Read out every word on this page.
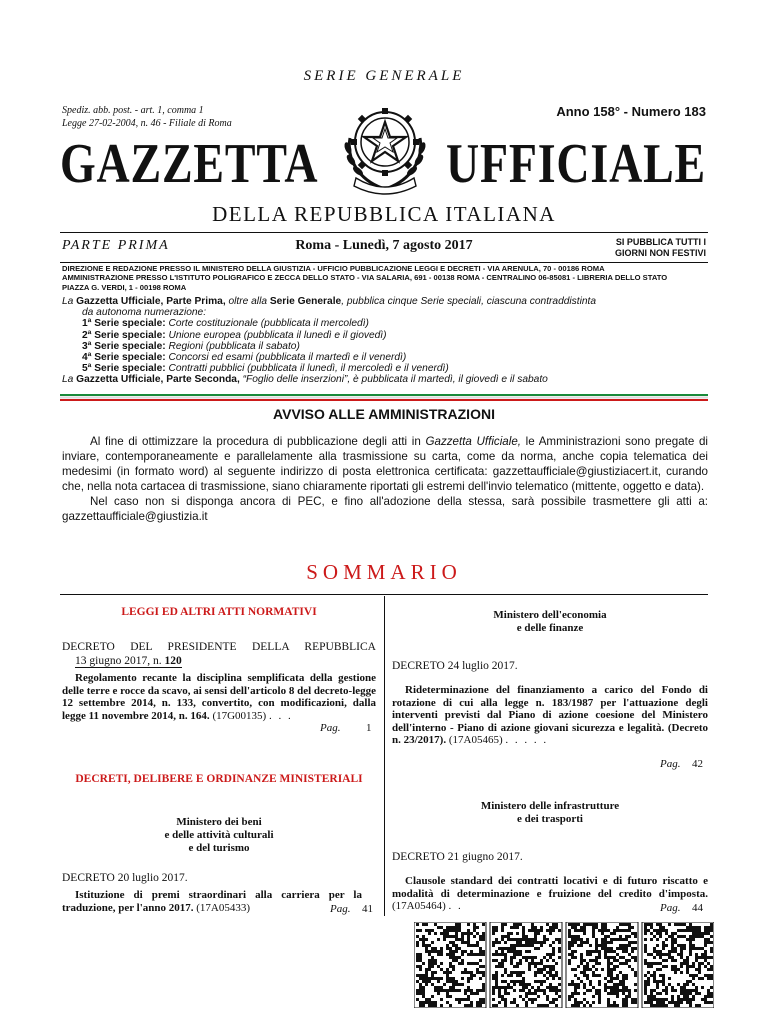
SERIE GENERALE
Spediz. abb. post. - art. 1, comma 1
Legge 27-02-2004, n. 46 - Filiale di Roma
Anno 158° - Numero 183
GAZZETTA UFFICIALE
DELLA REPUBBLICA ITALIANA
PARTE PRIMA	Roma - Lunedì, 7 agosto 2017	SI PUBBLICA TUTTI I
GIORNI NON FESTIVI
DIREZIONE E REDAZIONE PRESSO IL MINISTERO DELLA GIUSTIZIA - UFFICIO PUBBLICAZIONE LEGGI E DECRETI - VIA ARENULA, 70 - 00186 ROMA
AMMINISTRAZIONE PRESSO L'ISTITUTO POLIGRAFICO E ZECCA DELLO STATO - VIA SALARIA, 691 - 00138 ROMA - CENTRALINO 06-85081 - LIBRERIA DELLO STATO
PIAZZA G. VERDI, 1 - 00198 ROMA
La Gazzetta Ufficiale, Parte Prima, oltre alla Serie Generale, pubblica cinque Serie speciali, ciascuna contraddistinta
da autonoma numerazione:
1ª Serie speciale: Corte costituzionale (pubblicata il mercoledì)
2ª Serie speciale: Unione europea (pubblicata il lunedì e il giovedì)
3ª Serie speciale: Regioni (pubblicata il sabato)
4ª Serie speciale: Concorsi ed esami (pubblicata il martedì e il venerdì)
5ª Serie speciale: Contratti pubblici (pubblicata il lunedì, il mercoledì e il venerdì)
La Gazzetta Ufficiale, Parte Seconda, “Foglio delle inserzioni”, è pubblicata il martedì, il giovedì e il sabato
AVVISO ALLE AMMINISTRAZIONI

Al fine di ottimizzare la procedura di pubblicazione degli atti in Gazzetta Ufficiale, le Amministrazioni sono pregate di inviare, contemporaneamente e parallelamente alla trasmissione su carta, come da norma, anche copia telematica dei medesimi (in formato word) al seguente indirizzo di posta elettronica certificata: gazzettaufficiale@giustiziacert.it, curando che, nella nota cartacea di trasmissione, siano chiaramente riportati gli estremi dell'invio telematico (mittente, oggetto e data).

Nel caso non si disponga ancora di PEC, e fino all'adozione della stessa, sarà possibile trasmettere gli atti a: gazzettaufficiale@giustizia.it

SOMMARIO
LEGGI ED ALTRI ATTI NORMATIVI
DECRETO DEL PRESIDENTE DELLA REPUBBLICA
13 giugno 2017, n. 120
Regolamento recante la disciplina semplificata della gestione delle terre e rocce da scavo, ai sensi dell'articolo 8 del decreto-legge 12 settembre 2014, n. 133, convertito, con modificazioni, dalla legge 11 novembre 2014, n. 164. (17G00135) . . .
Pag. 1
DECRETI, DELIBERE E ORDINANZE MINISTERIALI
Ministero dei beni
e delle attività culturali
e del turismo
DECRETO 20 luglio 2017.
Istituzione di premi straordinari alla carriera per la traduzione, per l'anno 2017. (17A05433)	Pag. 41
Ministero dell'economia
e delle finanze
DECRETO 24 luglio 2017.
Rideterminazione del finanziamento a carico del Fondo di rotazione di cui alla legge n. 183/1987 per l'attuazione degli interventi previsti dal Piano di azione coesione del Ministero dell'interno - Piano di azione giovani sicurezza e legalità. (Decreto n. 23/2017). (17A05465) . . . . .
Pag. 42
Ministero delle infrastrutture
e dei trasporti
DECRETO 21 giugno 2017.
Clausole standard dei contratti locativi e di futuro riscatto e modalità di determinazione e fruizione del credito d'imposta. (17A05464) . .	Pag. 44
